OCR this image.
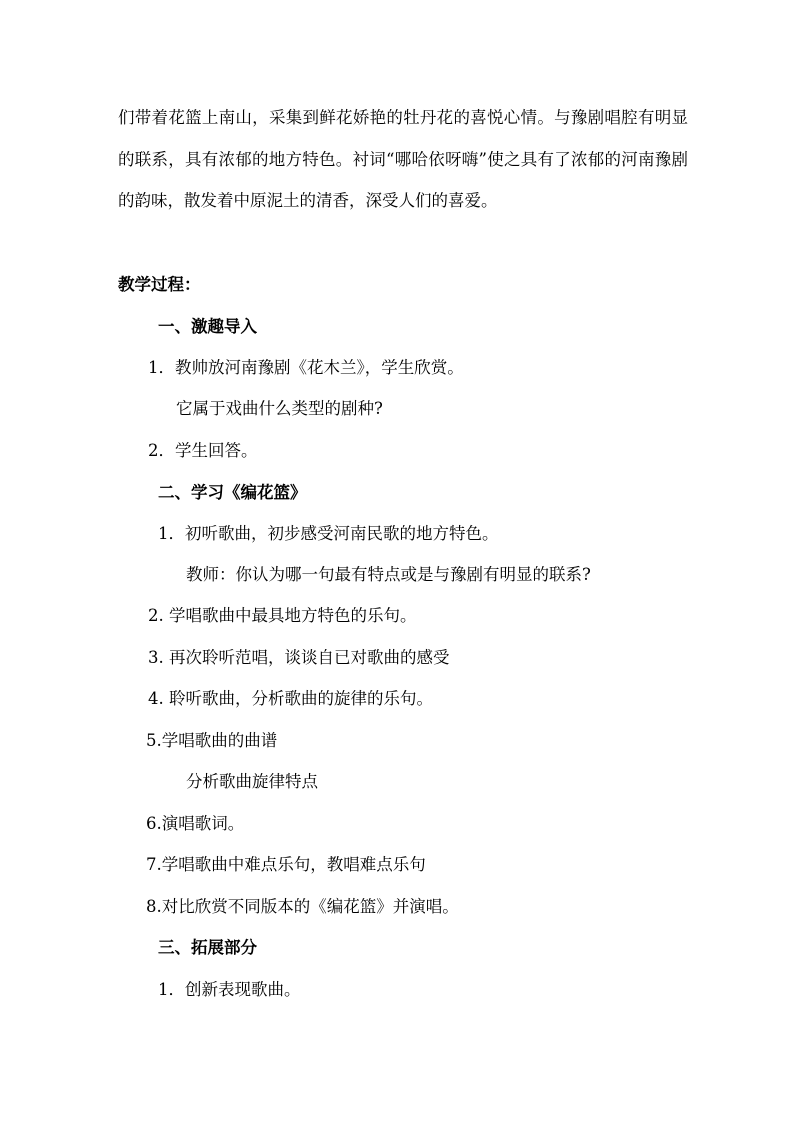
们带着花篮上南山，采集到鲜花娇艳的牡丹花的喜悦心情。与豫剧唱腔有明显的联系，具有浓郁的地方特色。衬词“哪哈依呀嗨”使之具有了浓郁的河南豫剧的韵味，散发着中原泥土的清香，深受人们的喜爱。
教学过程：
一、激趣导入
1．教帅放河南豫剧《花木兰》，学生欣赏。
它属于戏曲什么类型的剧种?
2．学生回答。
二、学习《编花篮》
1．初听歌曲，初步感受河南民歌的地方特色。
教师：你认为哪一句最有特点或是与豫剧有明显的联系?
2. 学唱歌曲中最具地方特色的乐句。
3. 再次聆听范唱，谈谈自已对歌曲的感受
4. 聆听歌曲，分析歌曲的旋律的乐句。
5.学唱歌曲的曲谱
分析歌曲旋律特点
6.演唱歌词。
7.学唱歌曲中难点乐句，教唱难点乐句
8.对比欣赏不同版本的《编花篮》并演唱。
三、拓展部分
1．创新表现歌曲。
